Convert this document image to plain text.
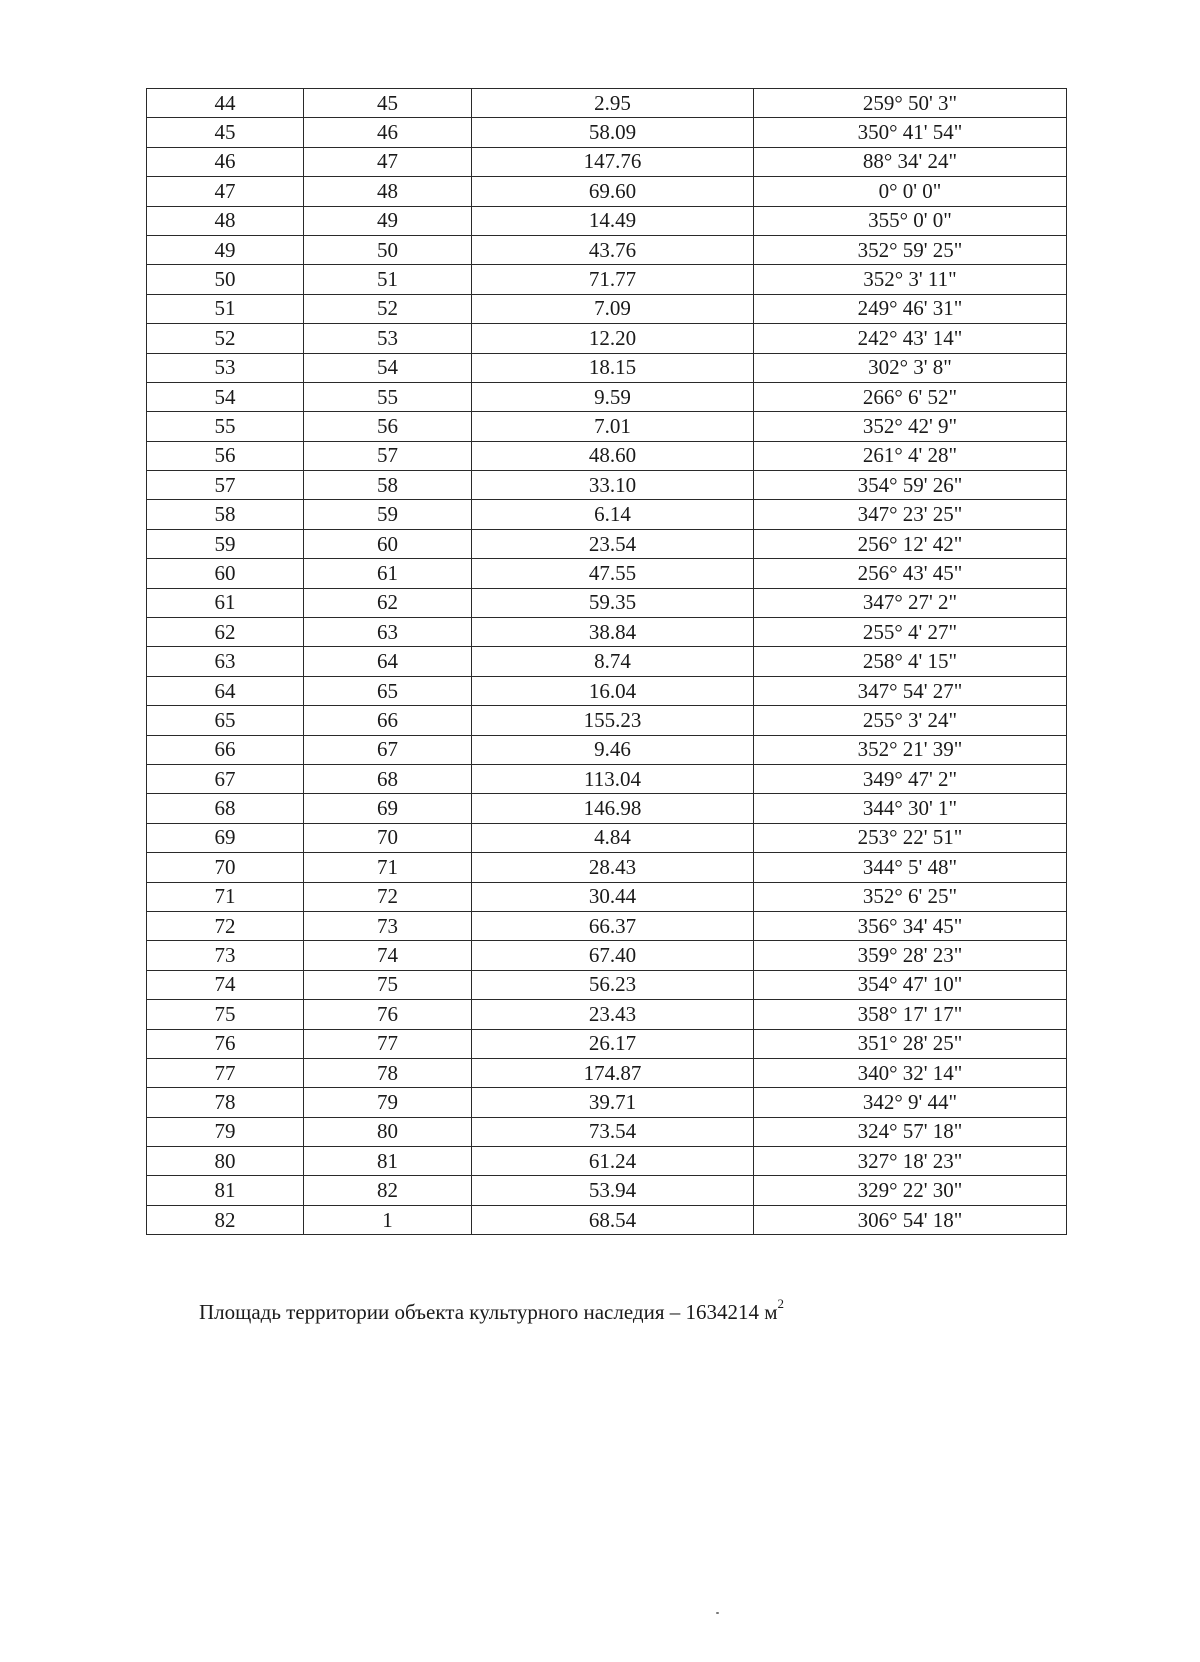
44	45	2.95	259° 50' 3"
45	46	58.09	350° 41' 54"
46	47	147.76	88° 34' 24"
47	48	69.60	0° 0' 0"
48	49	14.49	355° 0' 0"
49	50	43.76	352° 59' 25"
50	51	71.77	352° 3' 11"
51	52	7.09	249° 46' 31"
52	53	12.20	242° 43' 14"
53	54	18.15	302° 3' 8"
54	55	9.59	266° 6' 52"
55	56	7.01	352° 42' 9"
56	57	48.60	261° 4' 28"
57	58	33.10	354° 59' 26"
58	59	6.14	347° 23' 25"
59	60	23.54	256° 12' 42"
60	61	47.55	256° 43' 45"
61	62	59.35	347° 27' 2"
62	63	38.84	255° 4' 27"
63	64	8.74	258° 4' 15"
64	65	16.04	347° 54' 27"
65	66	155.23	255° 3' 24"
66	67	9.46	352° 21' 39"
67	68	113.04	349° 47' 2"
68	69	146.98	344° 30' 1"
69	70	4.84	253° 22' 51"
70	71	28.43	344° 5' 48"
71	72	30.44	352° 6' 25"
72	73	66.37	356° 34' 45"
73	74	67.40	359° 28' 23"
74	75	56.23	354° 47' 10"
75	76	23.43	358° 17' 17"
76	77	26.17	351° 28' 25"
77	78	174.87	340° 32' 14"
78	79	39.71	342° 9' 44"
79	80	73.54	324° 57' 18"
80	81	61.24	327° 18' 23"
81	82	53.94	329° 22' 30"
82	1	68.54	306° 54' 18"
Площадь территории объекта культурного наследия – 1634214 $м^2$
